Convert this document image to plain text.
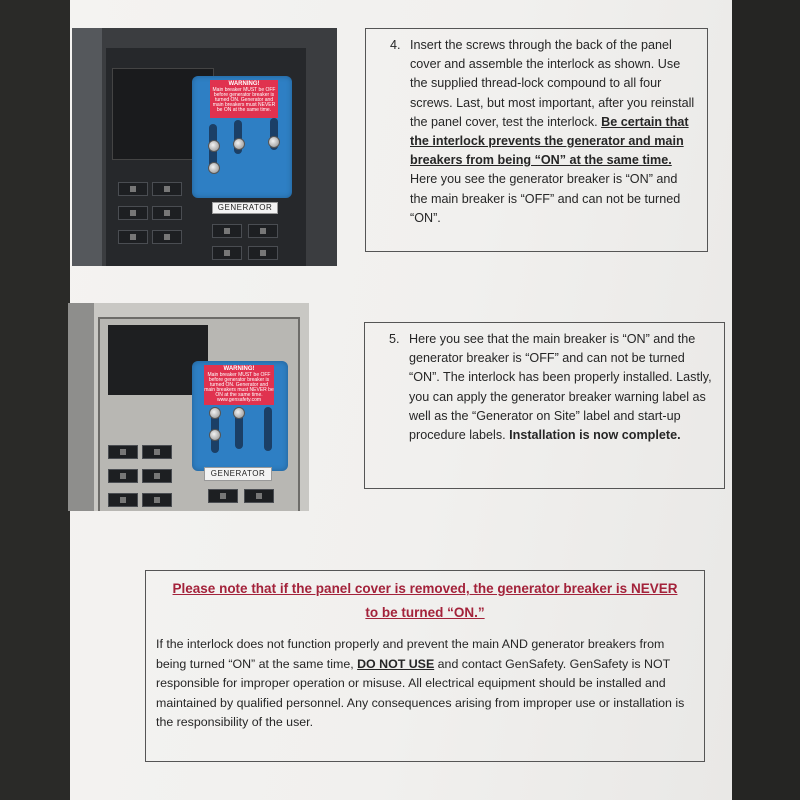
WARNING!
Main breaker MUST be OFF before generator breaker is turned ON. Generator and main breakers must NEVER be ON at the same time.
GENERATOR
4. Insert the screws through the back of the panel cover and assemble the interlock as shown. Use the supplied thread-lock compound to all four screws. Last, but most important, after you reinstall the panel cover, test the interlock. Be certain that the interlock prevents the generator and main breakers from being “ON” at the same time. Here you see the generator breaker is “ON” and the main breaker is “OFF” and can not be turned “ON”.
WARNING!
Main breaker MUST be OFF before generator breaker is turned ON. Generator and main breakers must NEVER be ON at the same time. www.gensafety.com
GENERATOR
5. Here you see that the main breaker is “ON” and the generator breaker is “OFF” and can not be turned “ON”. The interlock has been properly installed. Lastly, you can apply the generator breaker warning label as well as the “Generator on Site” label and start-up procedure labels. Installation is now complete.
Please note that if the panel cover is removed, the generator breaker is NEVER to be turned “ON.”
If the interlock does not function properly and prevent the main AND generator breakers from being turned “ON” at the same time, DO NOT USE and contact GenSafety. GenSafety is NOT responsible for improper operation or misuse. All electrical equipment should be installed and maintained by qualified personnel. Any consequences arising from improper use or installation is the responsibility of the user.
